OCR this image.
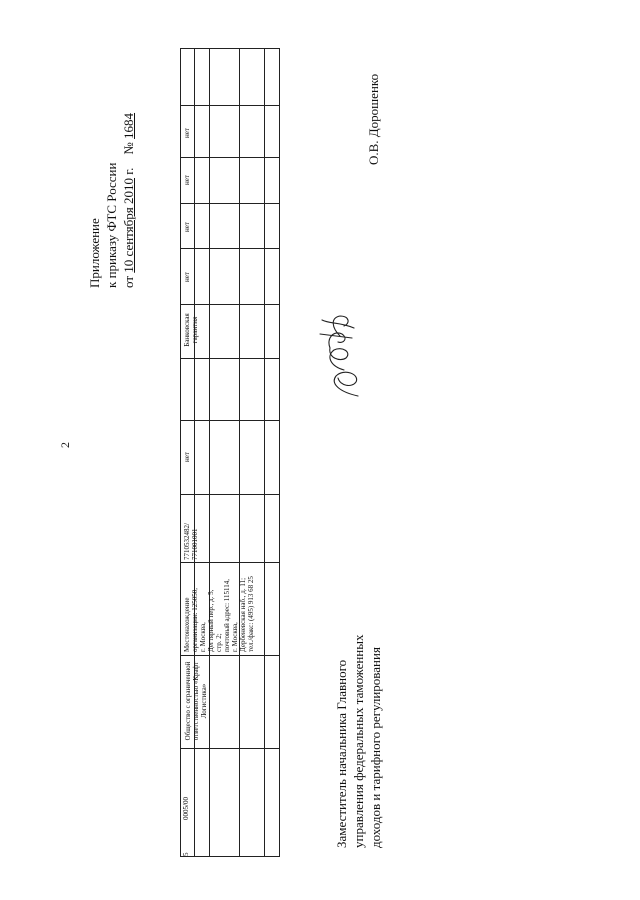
2
Приложение к приказу ФТС России от 10 сентября 2010 г.    № 1684
5
0005/00
Общество с ограниченной ответственностью «Крафт Логистика»
Местонахождение организации: 125050, г. Москва, Дегтярный пер., д. 5, стр. 2; почтовый адрес: 115114, г. Москва, Дербеневская наб., д. 11; тел./факс: (495) 913 68 25
7710532482/ 771001001
нет
Банковская гарантия
нет
нет
нет
нет
Заместитель начальника Главного управления федеральных таможенных доходов и тарифного регулирования
О.В. Дорошенко
